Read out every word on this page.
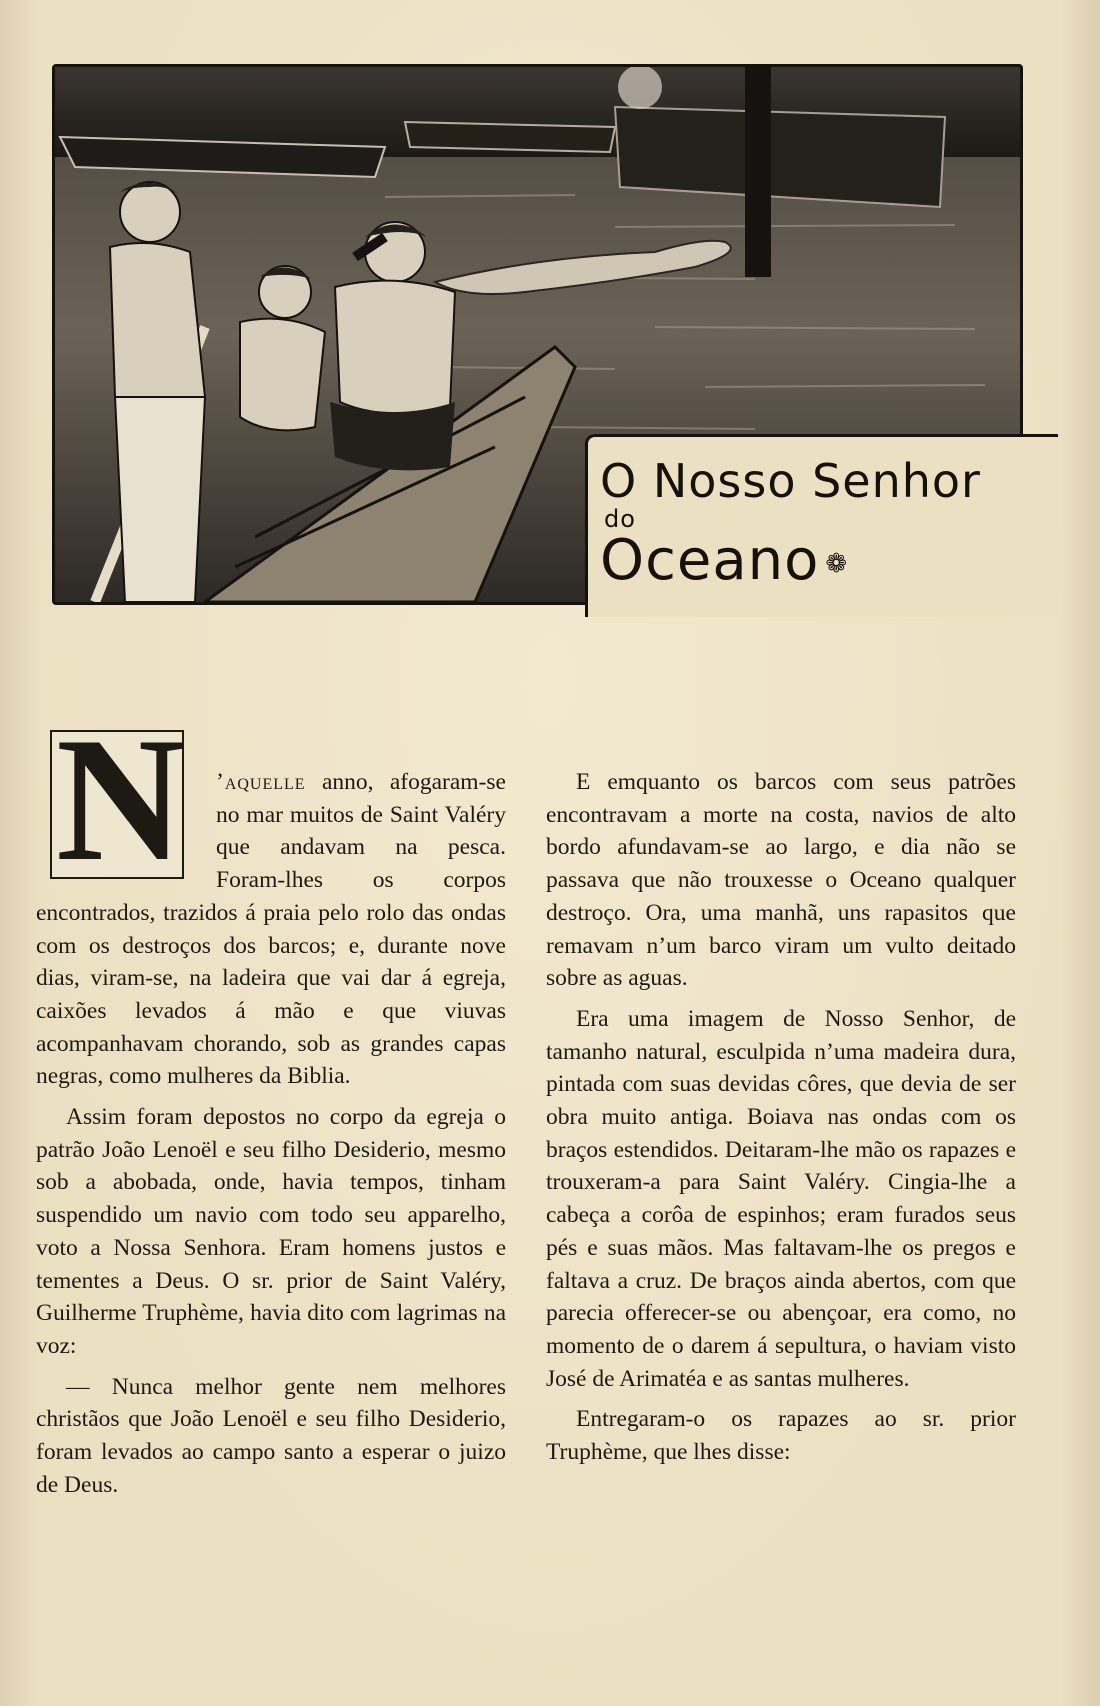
O Nosso Senhor
do
Oceano ❁

N ’aquelle anno, afogaram-se no mar muitos de Saint Valéry que andavam na pesca. Foram-lhes os corpos encontrados, trazidos á praia pelo rolo das ondas com os destroços dos barcos; e, durante nove dias, viram-se, na ladeira que vai dar á egreja, caixões levados á mão e que viuvas acompanhavam chorando, sob as grandes capas negras, como mulheres da Biblia.

Assim foram depostos no corpo da egreja o patrão João Lenoël e seu filho Desiderio, mesmo sob a abobada, onde, havia tempos, tinham suspendido um navio com todo seu apparelho, voto a Nossa Senhora. Eram homens justos e tementes a Deus. O sr. prior de Saint Valéry, Guilherme Truphème, havia dito com lagrimas na voz:

— Nunca melhor gente nem melhores christãos que João Lenoël e seu filho Desiderio, foram levados ao campo santo a esperar o juizo de Deus.

E emquanto os barcos com seus patrões encontravam a morte na costa, navios de alto bordo afundavam-se ao largo, e dia não se passava que não trouxesse o Oceano qualquer destroço. Ora, uma manhã, uns rapasitos que remavam n’um barco viram um vulto deitado sobre as aguas.

Era uma imagem de Nosso Senhor, de tamanho natural, esculpida n’uma madeira dura, pintada com suas devidas côres, que devia de ser obra muito antiga. Boiava nas ondas com os braços estendidos. Deitaram-lhe mão os rapazes e trouxeram-a para Saint Valéry. Cingia-lhe a cabeça a corôa de espinhos; eram furados seus pés e suas mãos. Mas faltavam-lhe os pregos e faltava a cruz. De braços ainda abertos, com que parecia offerecer-se ou abençoar, era como, no momento de o darem á sepultura, o haviam visto José de Arimatéa e as santas mulheres.

Entregaram-o os rapazes ao sr. prior Truphème, que lhes disse:
